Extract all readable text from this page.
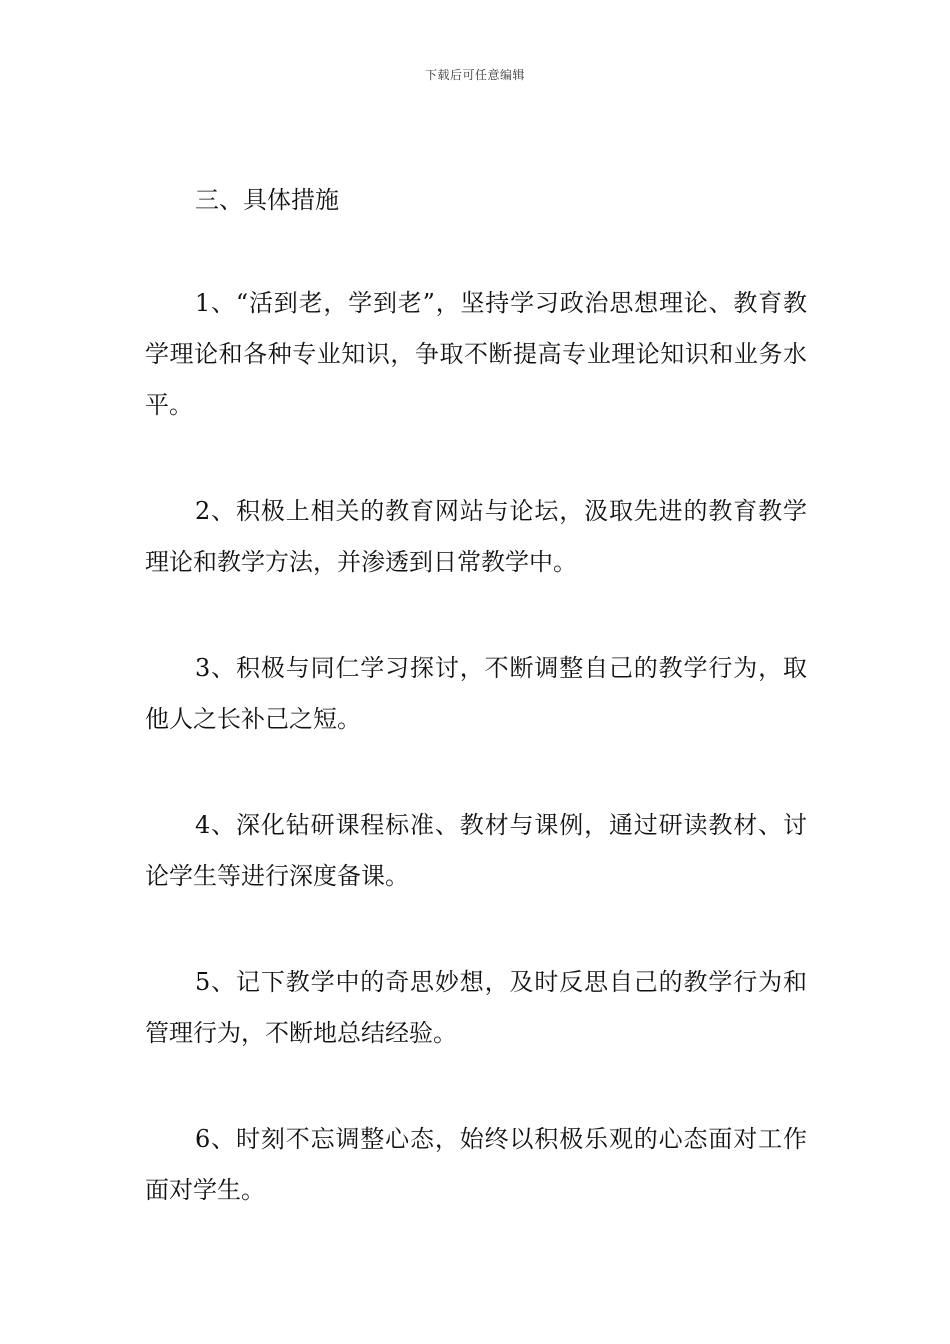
下载后可任意编辑
三、具体措施

1、“活到老，学到老”，坚持学习政治思想理论、教育教学理论和各种专业知识，争取不断提高专业理论知识和业务水平。

2、积极上相关的教育网站与论坛，汲取先进的教育教学理论和教学方法，并渗透到日常教学中。

3、积极与同仁学习探讨，不断调整自己的教学行为，取他人之长补己之短。

4、深化钻研课程标准、教材与课例，通过研读教材、讨论学生等进行深度备课。

5、记下教学中的奇思妙想，及时反思自己的教学行为和管理行为，不断地总结经验。

6、时刻不忘调整心态，始终以积极乐观的心态面对工作面对学生。
